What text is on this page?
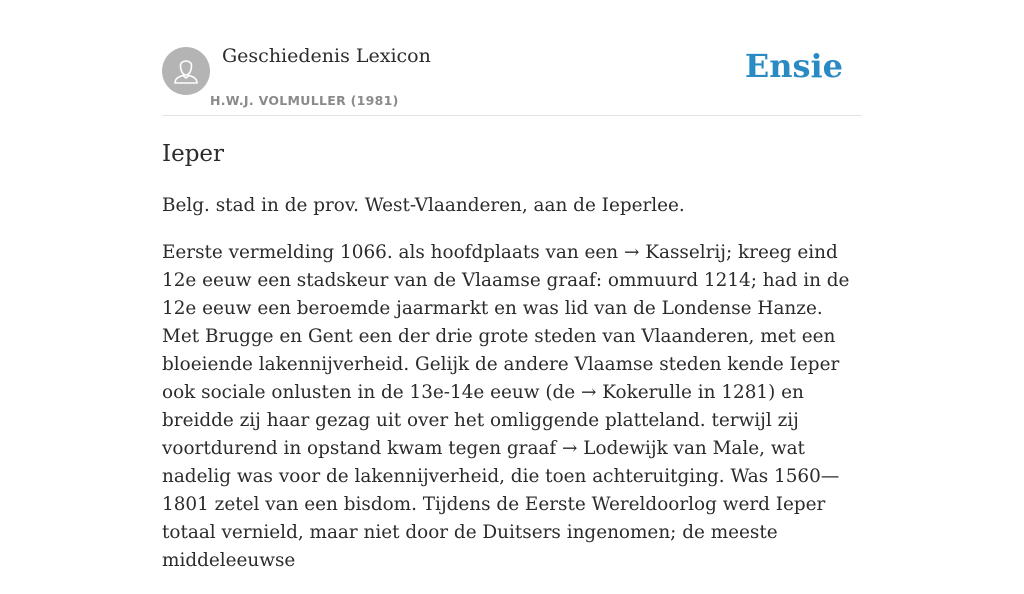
Geschiedenis Lexicon
H.W.J. VOLMULLER (1981)
Ensie
Ieper

Belg. stad in de prov. West-Vlaanderen, aan de Ieperlee.

Eerste vermelding 1066. als hoofdplaats van een → Kasselrij; kreeg eind 12e eeuw een stadskeur van de Vlaamse graaf: ommuurd 1214; had in de 12e eeuw een beroemde jaarmarkt en was lid van de Londense Hanze. Met Brugge en Gent een der drie grote steden van Vlaanderen, met een bloeiende lakennijverheid. Gelijk de andere Vlaamse steden kende Ieper ook sociale onlusten in de 13e-14e eeuw (de → Kokerulle in 1281) en breidde zij haar gezag uit over het omliggende platteland. terwijl zij voortdurend in opstand kwam tegen graaf → Lodewijk van Male, wat nadelig was voor de lakennijverheid, die toen achteruitging. Was 1560—1801 zetel van een bisdom. Tijdens de Eerste Wereldoorlog werd Ieper totaal vernield, maar niet door de Duitsers ingenomen; de meeste middeleeuwse
